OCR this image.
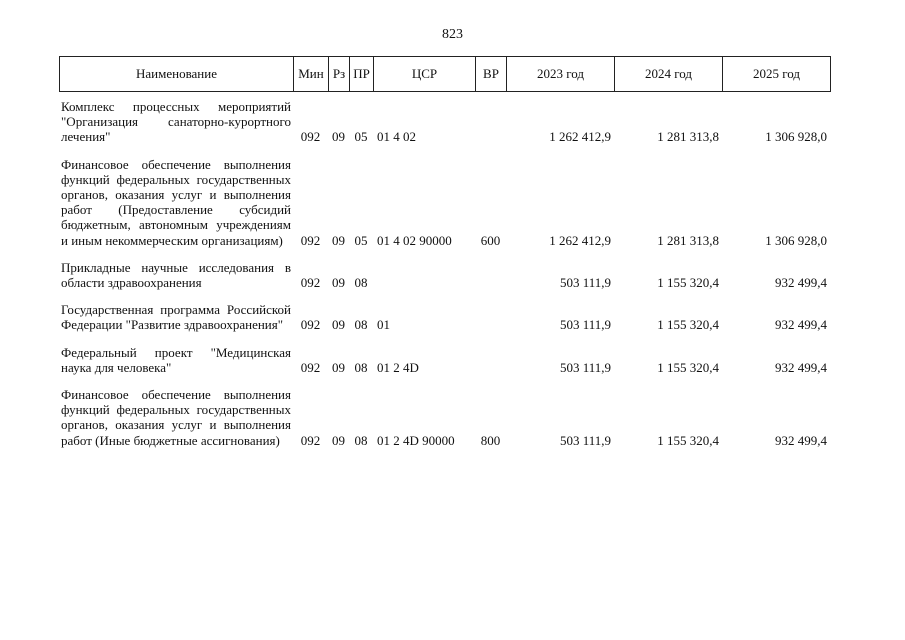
823
Наименование	Мин	Рз	ПР	ЦСР	ВР	2023 год	2024 год	2025 год
Комплекс процессных мероприятий "Организация санаторно-курортного лечения"	092	09	05	01 4 02		1 262 412,9	1 281 313,8	1 306 928,0
Финансовое обеспечение выполнения функций федеральных государственных органов, оказания услуг и выполнения работ (Предоставление субсидий бюджетным, автономным учреждениям и иным некоммерческим организациям)	092	09	05	01 4 02 90000	600	1 262 412,9	1 281 313,8	1 306 928,0
Прикладные научные исследования в области здравоохранения	092	09	08			503 111,9	1 155 320,4	932 499,4
Государственная программа Российской Федерации "Развитие здравоохранения"	092	09	08	01		503 111,9	1 155 320,4	932 499,4
Федеральный проект "Медицинская наука для человека"	092	09	08	01 2 4D		503 111,9	1 155 320,4	932 499,4
Финансовое обеспечение выполнения функций федеральных государственных органов, оказания услуг и выполнения работ (Иные бюджетные ассигнования)	092	09	08	01 2 4D 90000	800	503 111,9	1 155 320,4	932 499,4
